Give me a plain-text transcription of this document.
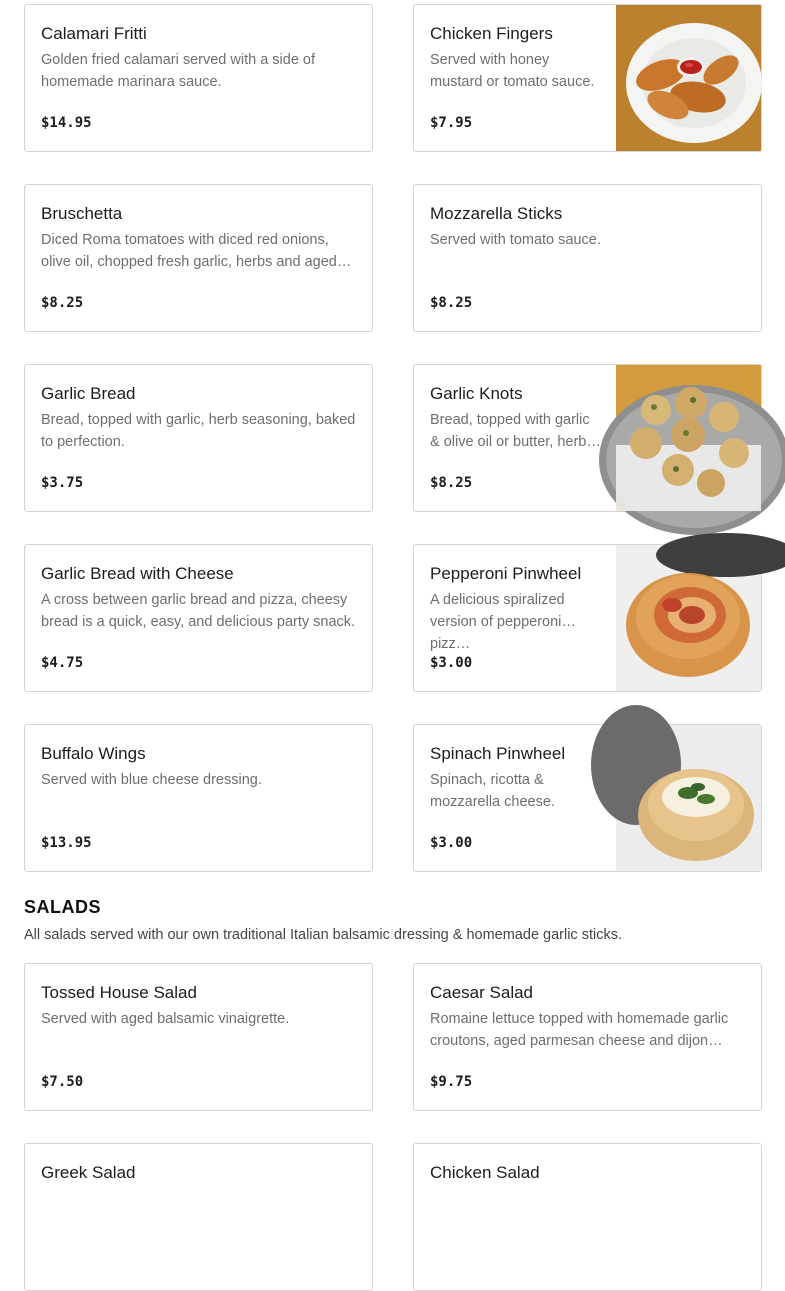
Calamari Fritti
Golden fried calamari served with a side of homemade marinara sauce.
$14.95
Chicken Fingers
Served with honey mustard or tomato sauce.
$7.95
Bruschetta
Diced Roma tomatoes with diced red onions, olive oil, chopped fresh garlic, herbs and aged…
$8.25
Mozzarella Sticks
Served with tomato sauce.
$8.25
Garlic Bread
Bread, topped with garlic, herb seasoning, baked to perfection.
$3.75
Garlic Knots
Bread, topped with garlic & olive oil or butter, herb…
$8.25
Garlic Bread with Cheese
A cross between garlic bread and pizza, cheesy bread is a quick, easy, and delicious party snack.
$4.75
Pepperoni Pinwheel
A delicious spiralized version of pepperoni pizz…
$3.00
Buffalo Wings
Served with blue cheese dressing.
$13.95
Spinach Pinwheel
Spinach, ricotta & mozzarella cheese.
$3.00
SALADS
All salads served with our own traditional Italian balsamic dressing & homemade garlic sticks.
Tossed House Salad
Served with aged balsamic vinaigrette.
$7.50
Caesar Salad
Romaine lettuce topped with homemade garlic croutons, aged parmesan cheese and dijon…
$9.75
Greek Salad	Chicken Salad
